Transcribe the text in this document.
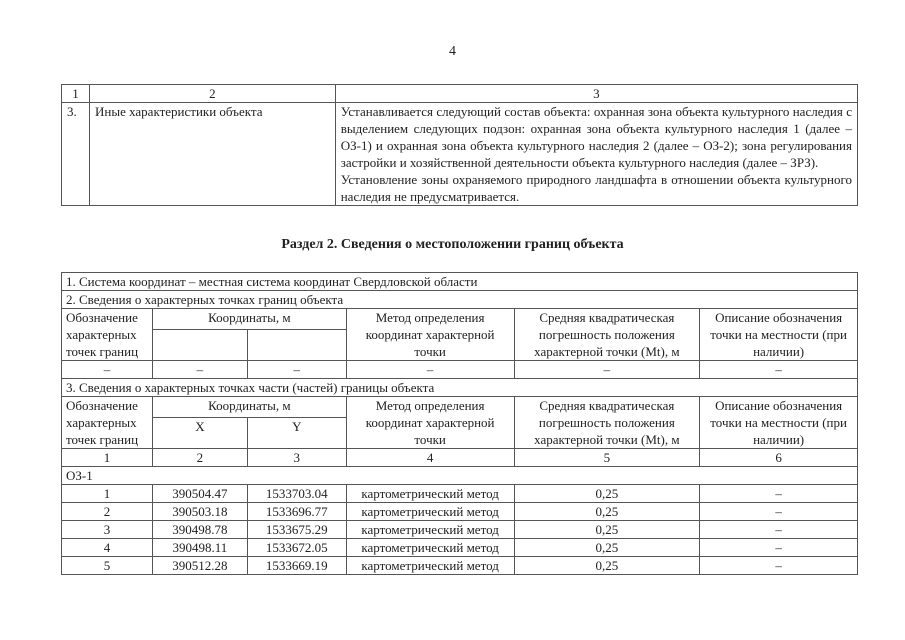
4
1	2	3
3.	Иные характеристики объекта	Устанавливается следующий состав объекта: охранная зона объекта культурного наследия с выделением следующих подзон: охранная зона объекта культурного наследия 1 (далее – ОЗ-1) и охранная зона объекта культурного наследия 2 (далее – ОЗ-2); зона регулирования застройки и хозяйственной деятельности объекта культурного наследия (далее – ЗРЗ).
Установление зоны охраняемого природного ландшафта в отношении объекта культурного наследия не предусматривается.
Раздел 2. Сведения о местоположении границ объекта
1. Система координат – местная система координат Свердловской области					
2. Сведения о характерных точках границ объекта					
Обозначение характерных точек границ	Координаты, м		Метод определения координат характерной точки	Средняя квадратическая погрешность положения характерной точки (Mt), м	Описание обозначения точки на местности (при наличии)

–	–	–	–	–	–
3. Сведения о характерных точках части (частей) границы объекта					
Обозначение характерных точек границ	Координаты, м		Метод определения координат характерной точки	Средняя квадратическая погрешность положения характерной точки (Mt), м	Описание обозначения точки на местности (при наличии)
	X	Y			
1	2	3	4	5	6
ОЗ-1					
1	390504.47	1533703.04	картометрический метод	0,25	–
2	390503.18	1533696.77	картометрический метод	0,25	–
3	390498.78	1533675.29	картометрический метод	0,25	–
4	390498.11	1533672.05	картометрический метод	0,25	–
5	390512.28	1533669.19	картометрический метод	0,25	–
